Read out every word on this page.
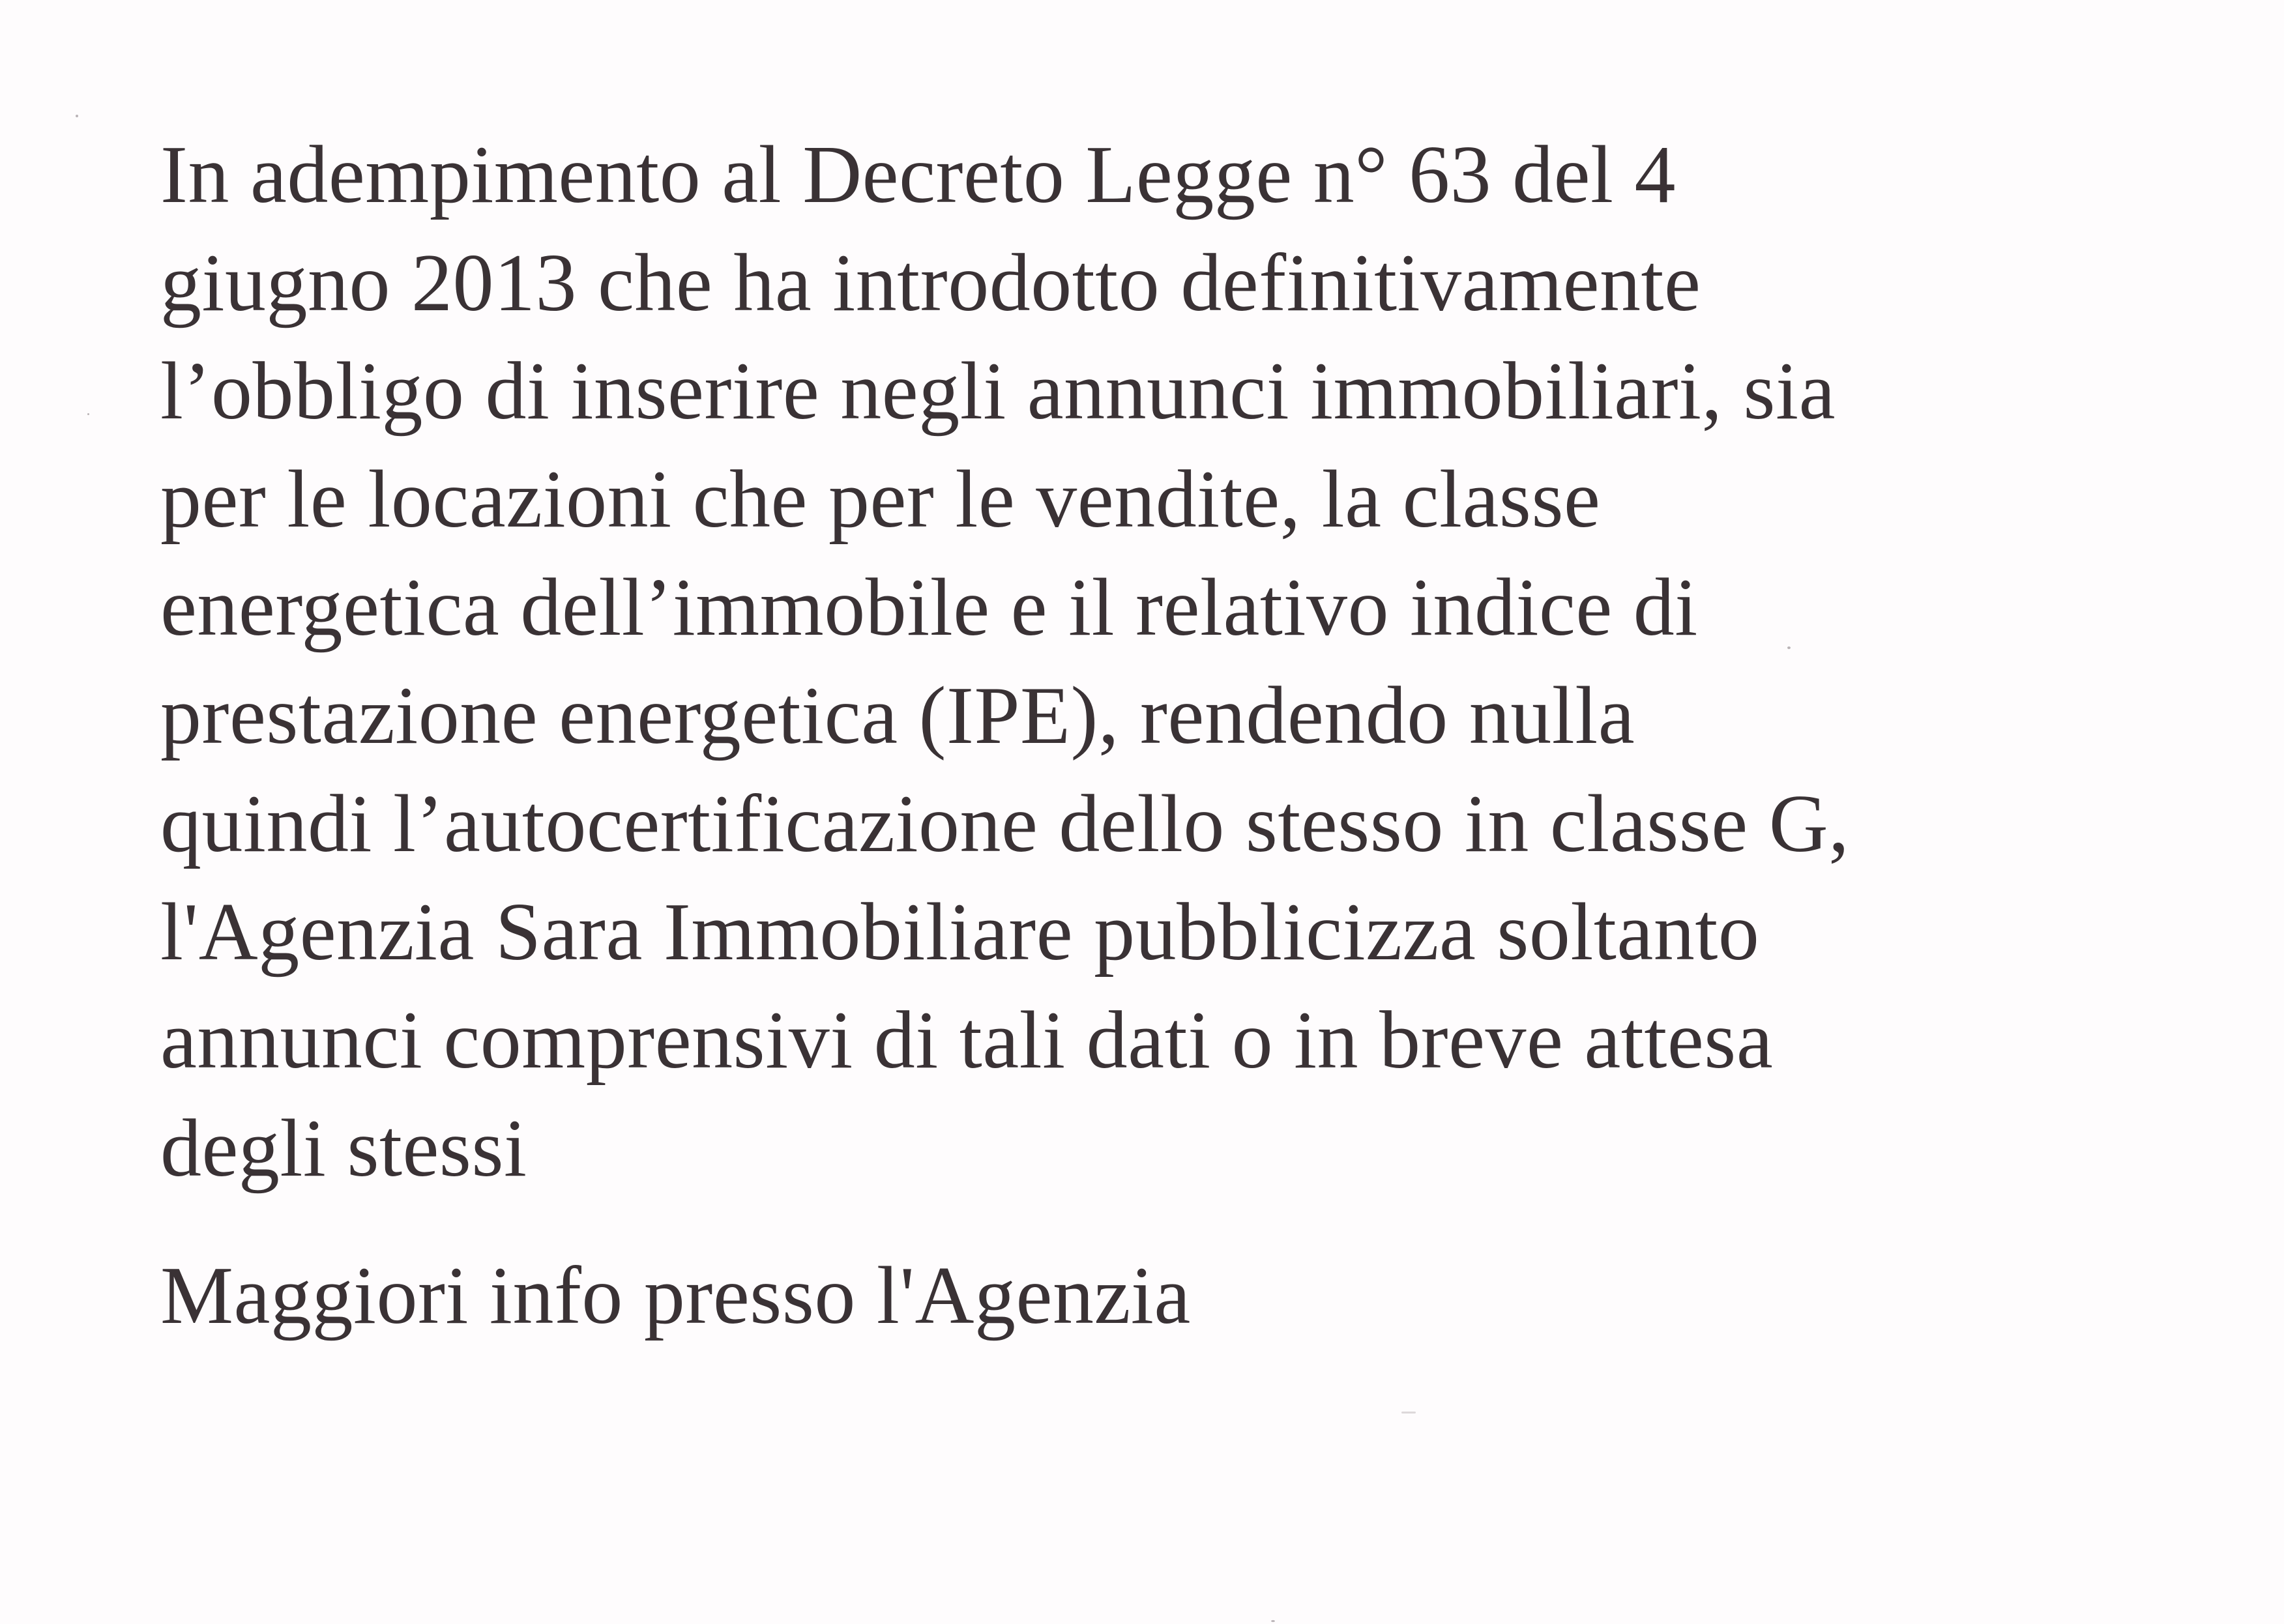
In adempimento al Decreto Legge n° 63 del 4
giugno 2013 che ha introdotto definitivamente
l’obbligo di inserire negli annunci immobiliari, sia
per le locazioni che per le vendite, la classe
energetica dell’immobile e il relativo indice di
prestazione energetica (IPE), rendendo nulla
quindi l’autocertificazione dello stesso in classe G,
l'Agenzia Sara Immobiliare pubblicizza soltanto
annunci comprensivi di tali dati o in breve attesa
degli stessi
Maggiori info presso l'Agenzia
